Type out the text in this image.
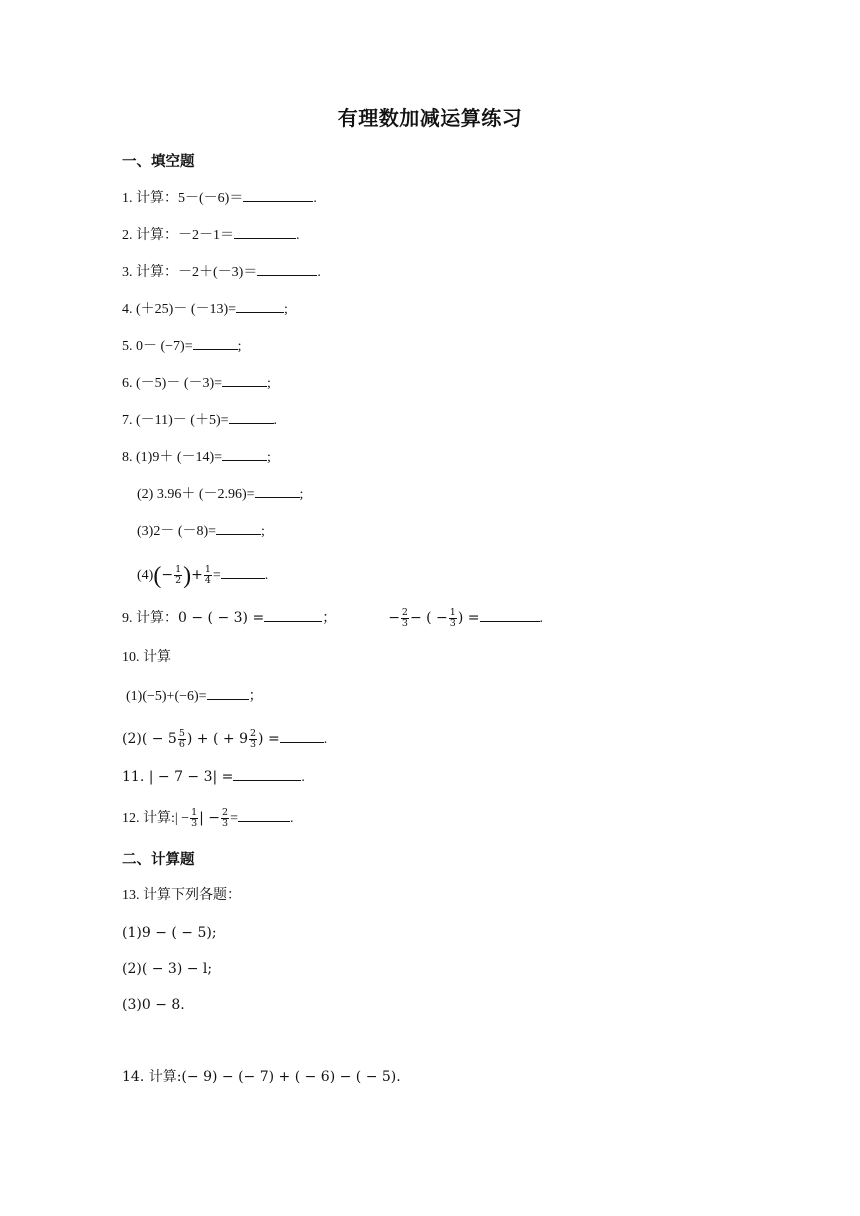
有理数加减运算练习
一、填空题
1. 计算：5－(－6)＝	.
2. 计算：－2－1＝	.
3. 计算：－2＋(－3)＝	.
4. (＋25)－ (－13)=	;
5. 0－ (−7)=	;
6. (－5)－ (－3)=	;
7. (－11)－ (＋5)=	.
8. (1)9＋ (－14)=	;
(2) 3.96＋ (－2.96)=	;
(3)2－ (－8)=	;
$(4)(- \frac{1}{2}$ )+ $\frac{1}{4}$ =	.
9. 计算：0 − ( − 3) =	；	− $\frac{2}{3}$ − ( − $\frac{1}{3}$ ) =	.
10. 计算
(1)(−5)+(−6)=	；
$(2)( - 5 \frac{5}{6}$ ) + ( + $9 \frac{2}{3}$ ) =	.
11. | − 7 − 3| =	.
12. 计算:| − $\frac{1}{3}$ | − $\frac{2}{3}$ =	.
二、计算题
13. 计算下列各题：
(1)9 − ( − 5);
(2)( − 3) − l;
(3)0 − 8.
14. 计算:(− 9) − (− 7) + ( − 6) − ( − 5).
